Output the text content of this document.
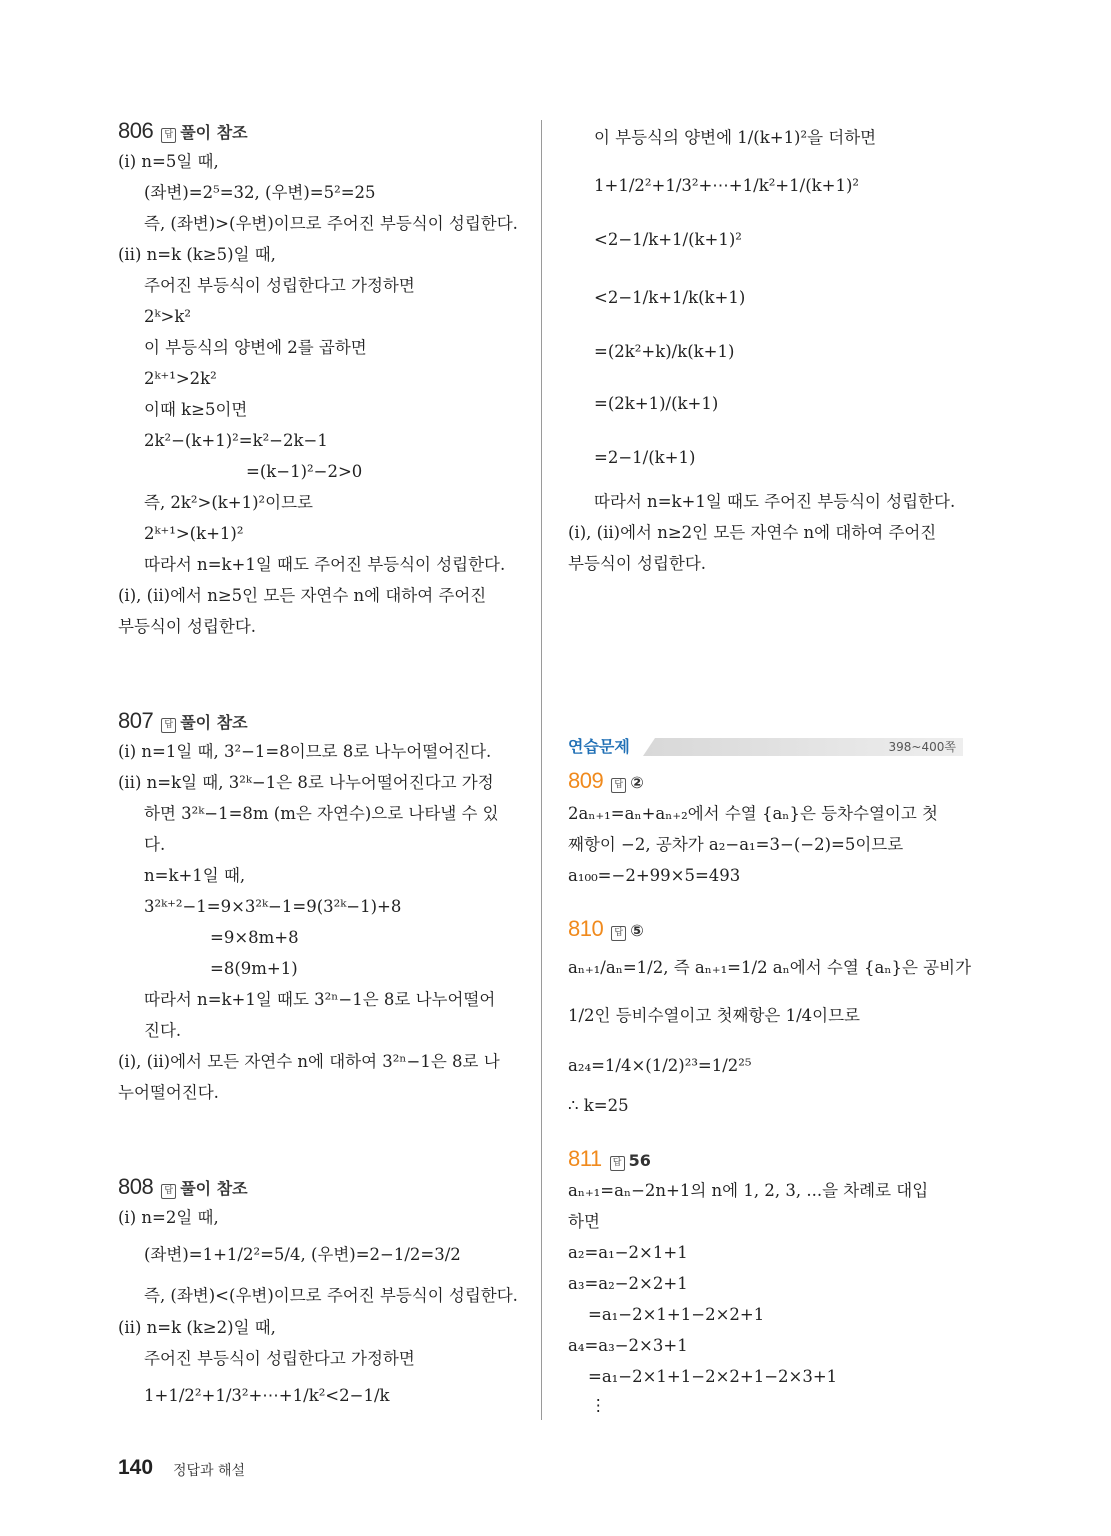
806 답 풀이 참조
(ⅰ) n=5일 때,
(좌변)=2⁵=32, (우변)=5²=25
즉, (좌변)>(우변)이므로 주어진 부등식이 성립한다.
(ⅱ) n=k (k≥5)일 때,
주어진 부등식이 성립한다고 가정하면
2ᵏ>k²
이 부등식의 양변에 2를 곱하면
2ᵏ⁺¹>2k²
이때 k≥5이면
2k²−(k+1)²=k²−2k−1
=(k−1)²−2>0
즉, 2k²>(k+1)²이므로
2ᵏ⁺¹>(k+1)²
따라서 n=k+1일 때도 주어진 부등식이 성립한다.
(ⅰ), (ⅱ)에서 n≥5인 모든 자연수 n에 대하여 주어진
부등식이 성립한다.
807 답 풀이 참조
(ⅰ) n=1일 때, 3²−1=8이므로 8로 나누어떨어진다.
(ⅱ) n=k일 때, 3²ᵏ−1은 8로 나누어떨어진다고 가정
하면 3²ᵏ−1=8m (m은 자연수)으로 나타낼 수 있
다.
n=k+1일 때,
3²ᵏ⁺²−1=9×3²ᵏ−1=9(3²ᵏ−1)+8
=9×8m+8
=8(9m+1)
따라서 n=k+1일 때도 3²ⁿ−1은 8로 나누어떨어
진다.
(ⅰ), (ⅱ)에서 모든 자연수 n에 대하여 3²ⁿ−1은 8로 나
누어떨어진다.
808 답 풀이 참조
(ⅰ) n=2일 때,
(좌변)=1+1/2²=5/4, (우변)=2−1/2=3/2
즉, (좌변)<(우변)이므로 주어진 부등식이 성립한다.
(ⅱ) n=k (k≥2)일 때,
주어진 부등식이 성립한다고 가정하면
1+1/2²+1/3²+⋯+1/k²<2−1/k
이 부등식의 양변에 1/(k+1)²을 더하면
1+1/2²+1/3²+⋯+1/k²+1/(k+1)²
<2−1/k+1/(k+1)²
<2−1/k+1/k(k+1)
=(2k²+k)/k(k+1)
=(2k+1)/(k+1)
=2−1/(k+1)
따라서 n=k+1일 때도 주어진 부등식이 성립한다.
(ⅰ), (ⅱ)에서 n≥2인 모든 자연수 n에 대하여 주어진
부등식이 성립한다.
연습문제	398~400쪽
809 답 ②
2aₙ₊₁=aₙ+aₙ₊₂에서 수열 {aₙ}은 등차수열이고 첫
째항이 −2, 공차가 a₂−a₁=3−(−2)=5이므로
a₁₀₀=−2+99×5=493
810 답 ⑤
aₙ₊₁/aₙ=1/2, 즉 aₙ₊₁=1/2 aₙ에서 수열 {aₙ}은 공비가
1/2인 등비수열이고 첫째항은 1/4이므로
a₂₄=1/4×(1/2)²³=1/2²⁵
∴ k=25
811 답 56
aₙ₊₁=aₙ−2n+1의 n에 1, 2, 3, ...을 차례로 대입
하면
a₂=a₁−2×1+1
a₃=a₂−2×2+1
=a₁−2×1+1−2×2+1
a₄=a₃−2×3+1
=a₁−2×1+1−2×2+1−2×3+1
⋮
140 정답과 해설
